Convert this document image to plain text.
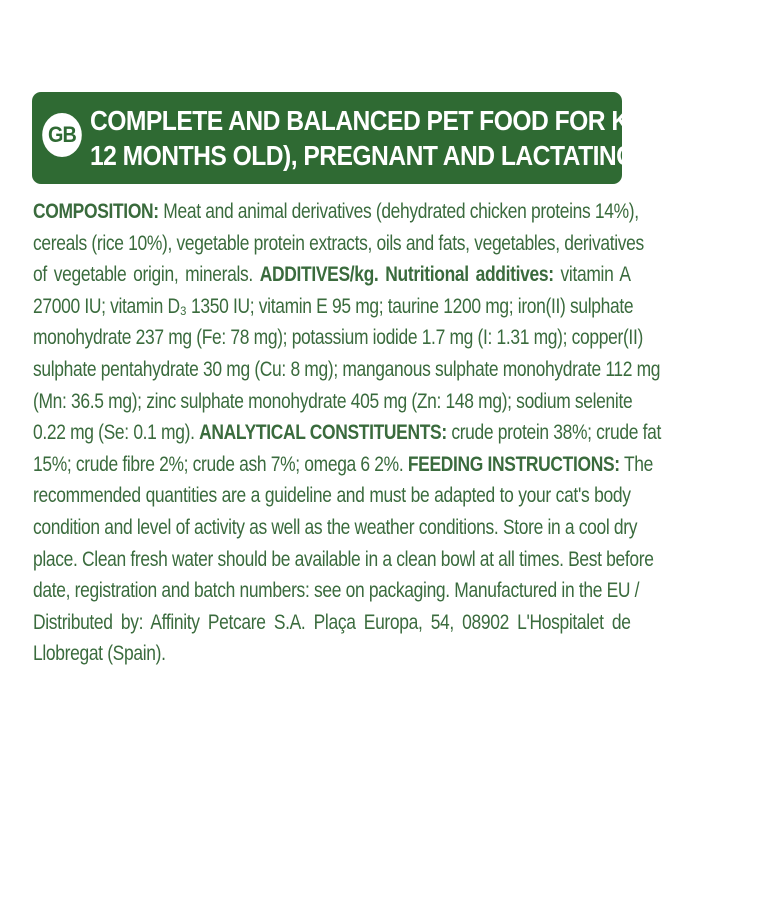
GB COMPLETE AND BALANCED PET FOOD FOR KITTENS (1 TO
12 MONTHS OLD), PREGNANT AND LACTATING QUEENS
COMPOSITION: Meat and animal derivatives (dehydrated chicken proteins 14%),
cereals (rice 10%), vegetable protein extracts, oils and fats, vegetables, derivatives
of vegetable origin, minerals. ADDITIVES/kg. Nutritional additives: vitamin A
27000 IU; vitamin D₃ 1350 IU; vitamin E 95 mg; taurine 1200 mg; iron(II) sulphate
monohydrate 237 mg (Fe: 78 mg); potassium iodide 1.7 mg (I: 1.31 mg); copper(II)
sulphate pentahydrate 30 mg (Cu: 8 mg); manganous sulphate monohydrate 112 mg
(Mn: 36.5 mg); zinc sulphate monohydrate 405 mg (Zn: 148 mg); sodium selenite
0.22 mg (Se: 0.1 mg). ANALYTICAL CONSTITUENTS: crude protein 38%; crude fat
15%; crude fibre 2%; crude ash 7%; omega 6 2%. FEEDING INSTRUCTIONS: The
recommended quantities are a guideline and must be adapted to your cat's body
condition and level of activity as well as the weather conditions. Store in a cool dry
place. Clean fresh water should be available in a clean bowl at all times. Best before
date, registration and batch numbers: see on packaging. Manufactured in the EU /
Distributed by: Affinity Petcare S.A. Plaça Europa, 54, 08902 L'Hospitalet de
Llobregat (Spain).
